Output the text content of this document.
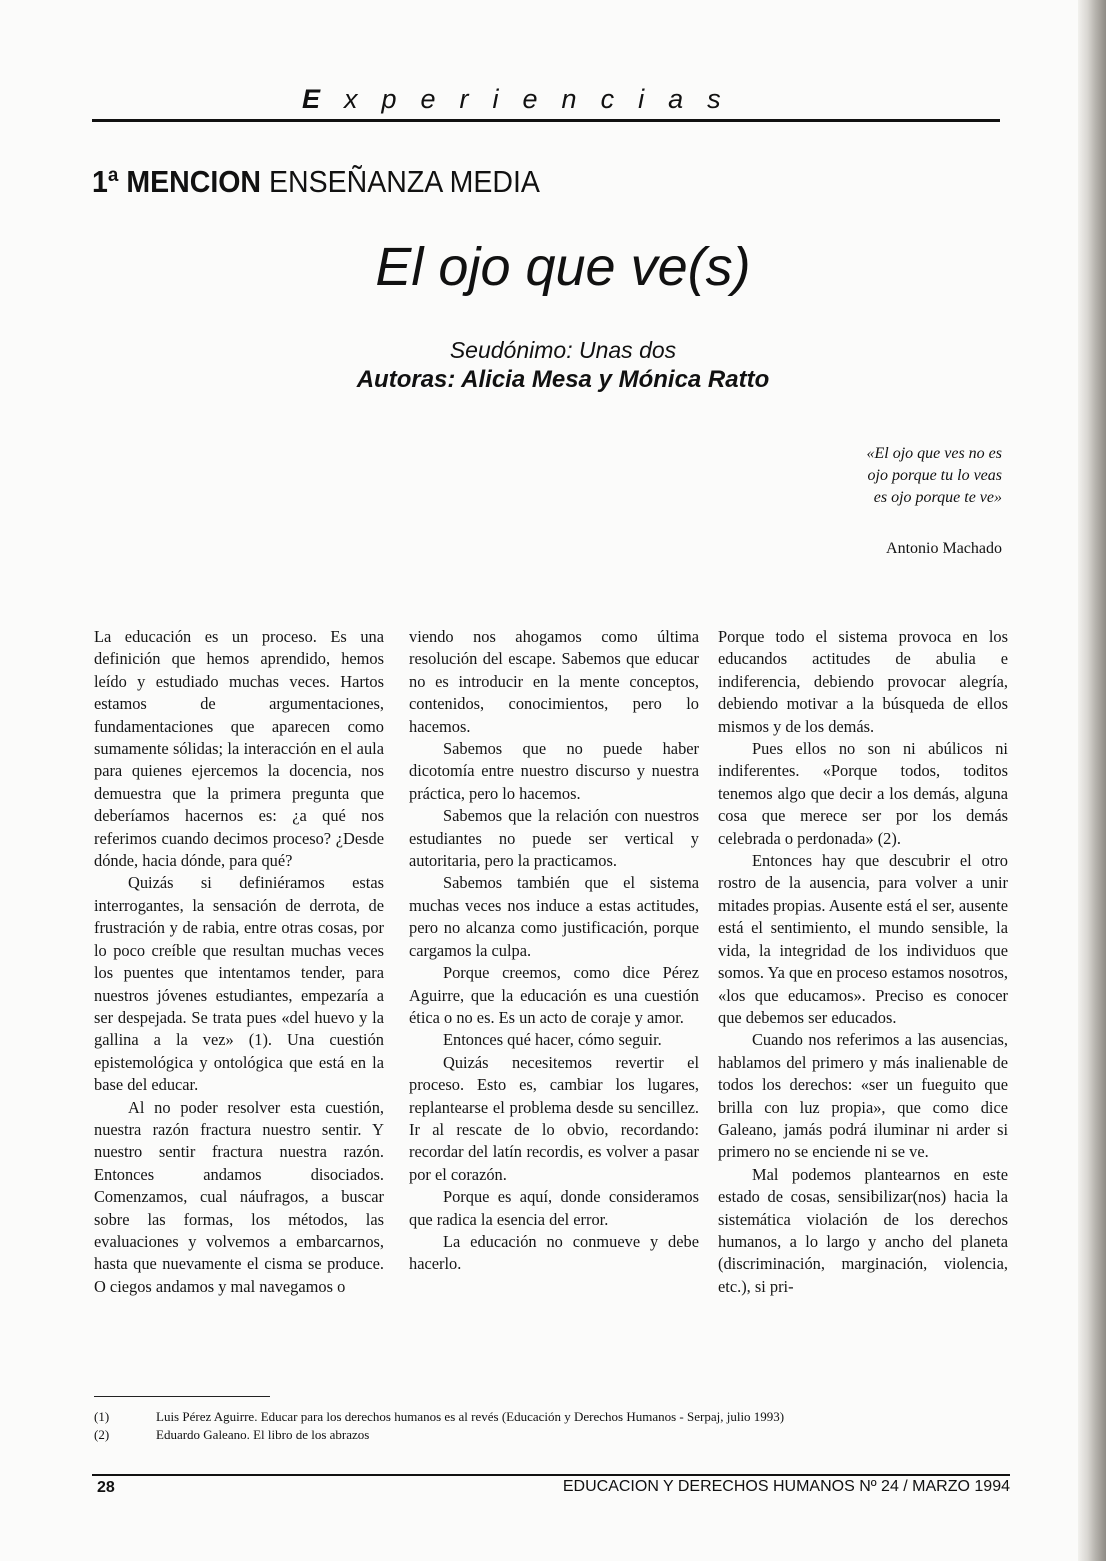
Experiencias
1ª MENCION ENSEÑANZA MEDIA
El ojo que ve(s)
Seudónimo: Unas dos
Autoras: Alicia Mesa y Mónica Ratto
«El ojo que ves no es
ojo porque tu lo veas
es ojo porque te ve»
Antonio Machado

La educación es un proceso. Es una definición que hemos aprendido, hemos leído y estudiado muchas veces. Hartos estamos de argumentaciones, fundamentaciones que aparecen como sumamente sólidas; la interacción en el aula para quienes ejercemos la docencia, nos demuestra que la primera pregunta que deberíamos hacernos es: ¿a qué nos referimos cuando decimos proceso? ¿Desde dónde, hacia dónde, para qué?

Quizás si definiéramos estas interrogantes, la sensación de derrota, de frustración y de rabia, entre otras cosas, por lo poco creíble que resultan muchas veces los puentes que intentamos tender, para nuestros jóvenes estudiantes, empezaría a ser despejada. Se trata pues «del huevo y la gallina a la vez» (1). Una cuestión epistemológica y ontológica que está en la base del educar.

Al no poder resolver esta cuestión, nuestra razón fractura nuestro sentir. Y nuestro sentir fractura nuestra razón. Entonces andamos disociados. Comenzamos, cual náufragos, a buscar sobre las formas, los métodos, las evaluaciones y volvemos a embarcarnos, hasta que nuevamente el cisma se produce. O ciegos andamos y mal navegamos o

viendo nos ahogamos como última resolución del escape. Sabemos que educar no es introducir en la mente conceptos, contenidos, conocimientos, pero lo hacemos.

Sabemos que no puede haber dicotomía entre nuestro discurso y nuestra práctica, pero lo hacemos.

Sabemos que la relación con nuestros estudiantes no puede ser vertical y autoritaria, pero la practicamos.

Sabemos también que el sistema muchas veces nos induce a estas actitudes, pero no alcanza como justificación, porque cargamos la culpa.

Porque creemos, como dice Pérez Aguirre, que la educación es una cuestión ética o no es. Es un acto de coraje y amor.

Entonces qué hacer, cómo seguir.

Quizás necesitemos revertir el proceso. Esto es, cambiar los lugares, replantearse el problema desde su sencillez. Ir al rescate de lo obvio, recordando: recordar del latín recordis, es volver a pasar por el corazón.

Porque es aquí, donde consideramos que radica la esencia del error.

La educación no conmueve y debe hacerlo.

Porque todo el sistema provoca en los educandos actitudes de abulia e indiferencia, debiendo provocar alegría, debiendo motivar a la búsqueda de ellos mismos y de los demás.

Pues ellos no son ni abúlicos ni indiferentes. «Porque todos, toditos tenemos algo que decir a los demás, alguna cosa que merece ser por los demás celebrada o perdonada» (2).

Entonces hay que descubrir el otro rostro de la ausencia, para volver a unir mitades propias. Ausente está el ser, ausente está el sentimiento, el mundo sensible, la vida, la integridad de los individuos que somos. Ya que en proceso estamos nosotros, «los que educamos». Preciso es conocer que debemos ser educados.

Cuando nos referimos a las ausencias, hablamos del primero y más inalienable de todos los derechos: «ser un fueguito que brilla con luz propia», que como dice Galeano, jamás podrá iluminar ni arder si primero no se enciende ni se ve.

Mal podemos plantearnos en este estado de cosas, sensibilizar(nos) hacia la sistemática violación de los derechos humanos, a lo largo y ancho del planeta (discriminación, marginación, violencia, etc.), si pri-

(1)	Luis Pérez Aguirre. Educar para los derechos humanos es al revés (Educación y Derechos Humanos - Serpaj, julio 1993)
(2)	Eduardo Galeano. El libro de los abrazos
28	EDUCACION Y DERECHOS HUMANOS Nº 24 / MARZO 1994
